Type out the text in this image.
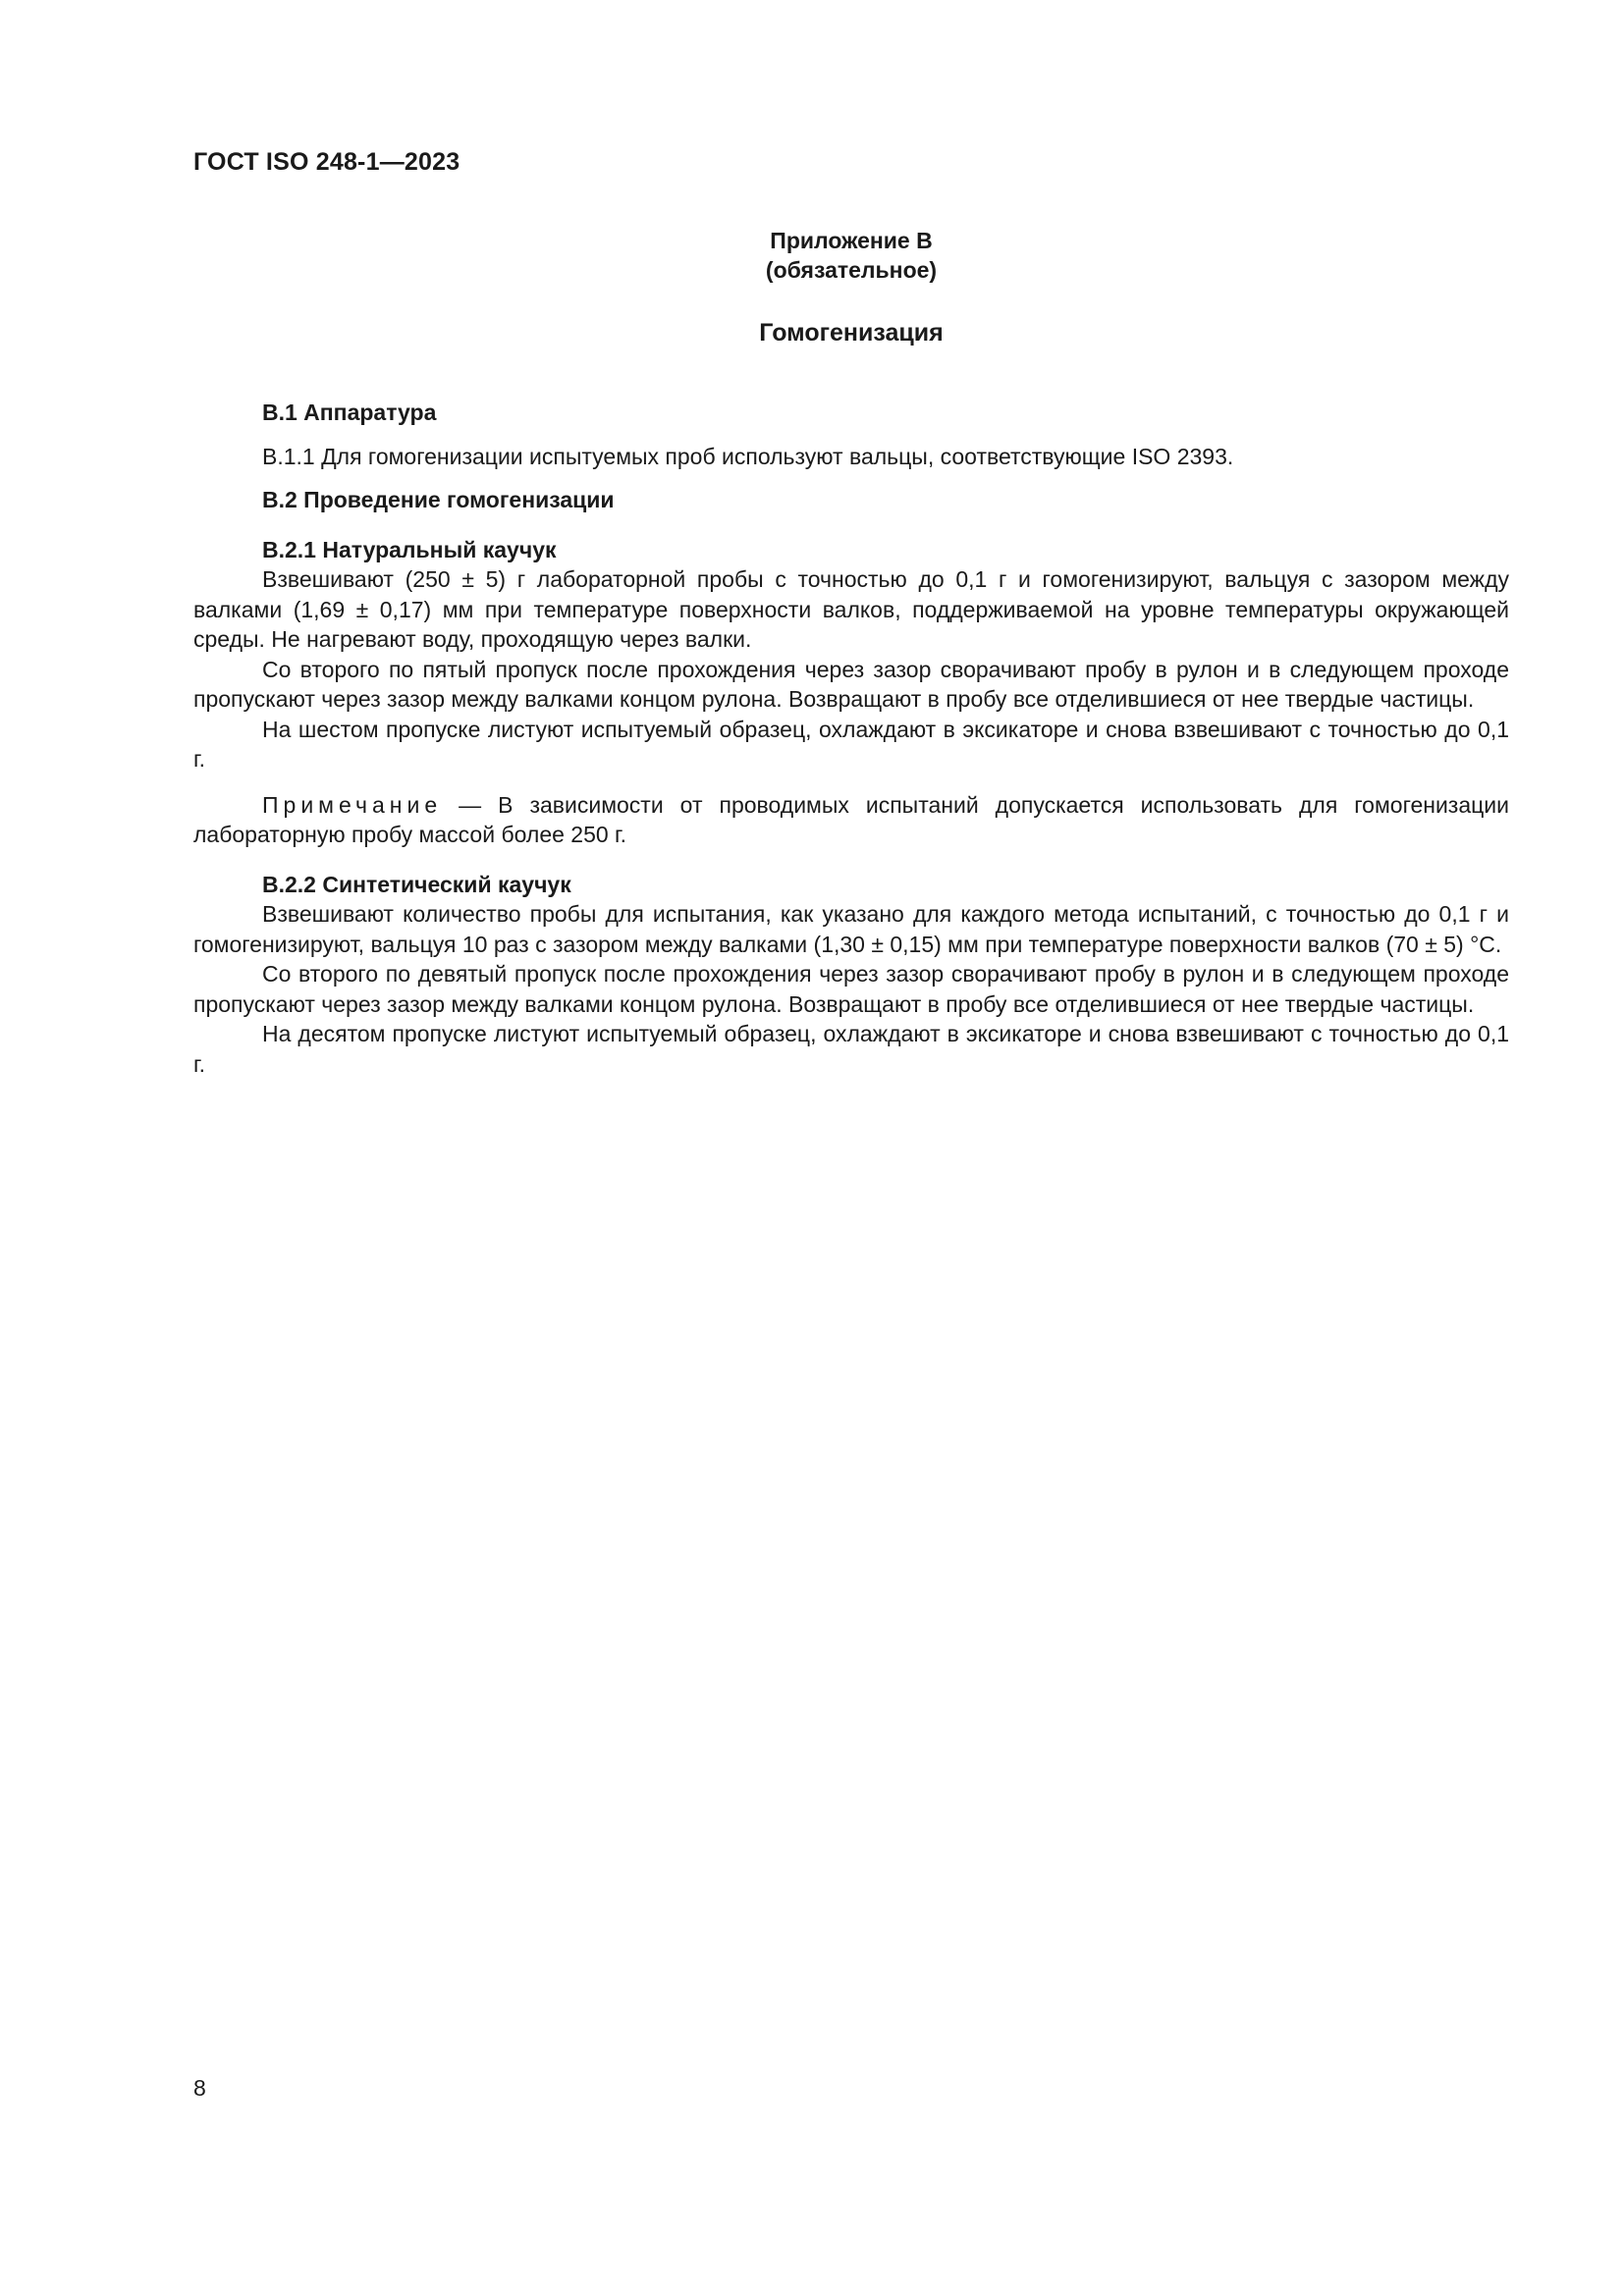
ГОСТ ISO 248-1—2023
Приложение В
(обязательное)
Гомогенизация

В.1 Аппаратура

В.1.1 Для гомогенизации испытуемых проб используют вальцы, соответствующие ISO 2393.

В.2 Проведение гомогенизации

В.2.1 Натуральный каучук

Взвешивают (250 ± 5) г лабораторной пробы с точностью до 0,1 г и гомогенизируют, вальцуя с зазором между валками (1,69 ± 0,17) мм при температуре поверхности валков, поддерживаемой на уровне температуры окружающей среды. Не нагревают воду, проходящую через валки.

Со второго по пятый пропуск после прохождения через зазор сворачивают пробу в рулон и в следующем проходе пропускают через зазор между валками концом рулона. Возвращают в пробу все отделившиеся от нее твердые частицы.

На шестом пропуске листуют испытуемый образец, охлаждают в эксикаторе и снова взвешивают с точностью до 0,1 г.

Примечание — В зависимости от проводимых испытаний допускается использовать для гомогенизации лабораторную пробу массой более 250 г.

В.2.2 Синтетический каучук

Взвешивают количество пробы для испытания, как указано для каждого метода испытаний, с точностью до 0,1 г и гомогенизируют, вальцуя 10 раз с зазором между валками (1,30 ± 0,15) мм при температуре поверхности валков (70 ± 5) °С.

Со второго по девятый пропуск после прохождения через зазор сворачивают пробу в рулон и в следующем проходе пропускают через зазор между валками концом рулона. Возвращают в пробу все отделившиеся от нее твердые частицы.

На десятом пропуске листуют испытуемый образец, охлаждают в эксикаторе и снова взвешивают с точностью до 0,1 г.

8
